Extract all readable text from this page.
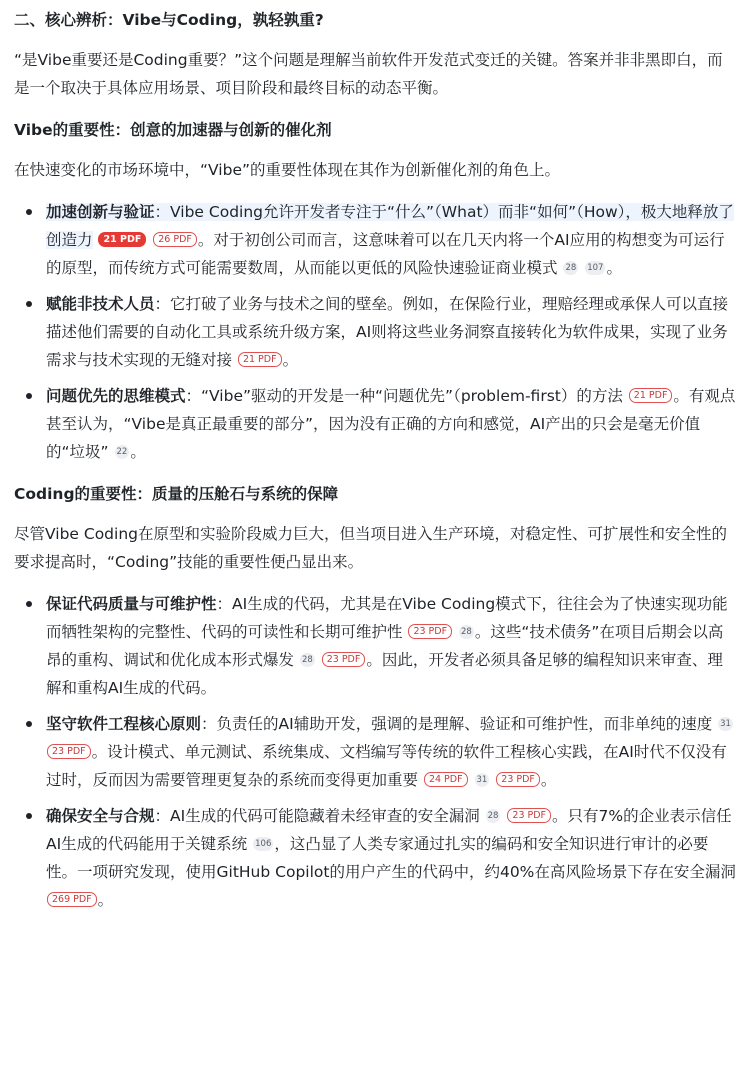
二、核心辨析：Vibe与Coding，孰轻孰重?

“是Vibe重要还是Coding重要？”这个问题是理解当前软件开发范式变迁的关键。答案并非非黑即白，而是一个取决于具体应用场景、项目阶段和最终目标的动态平衡。

Vibe的重要性：创意的加速器与创新的催化剂

在快速变化的市场环境中，“Vibe”的重要性体现在其作为创新催化剂的角色上。

加速创新与验证：Vibe Coding允许开发者专注于“什么”（What）而非“如何”（How），极大地释放了创造力 21 PDF 26 PDF 。对于初创公司而言，这意味着可以在几天内将一个AI应用的构想变为可运行的原型，而传统方式可能需要数周，从而能以更低的风险快速验证商业模式 28 107 。
赋能非技术人员：它打破了业务与技术之间的壁垒。例如，在保险行业，理赔经理或承保人可以直接描述他们需要的自动化工具或系统升级方案，AI则将这些业务洞察直接转化为软件成果，实现了业务需求与技术实现的无缝对接 21 PDF 。
问题优先的思维模式：“Vibe”驱动的开发是一种“问题优先”（problem-first）的方法 21 PDF 。有观点甚至认为，“Vibe是真正最重要的部分”，因为没有正确的方向和感觉，AI产出的只会是毫无价值的“垃圾” 22 。
Coding的重要性：质量的压舱石与系统的保障

尽管Vibe Coding在原型和实验阶段威力巨大，但当项目进入生产环境，对稳定性、可扩展性和安全性的要求提高时，“Coding”技能的重要性便凸显出来。

保证代码质量与可维护性：AI生成的代码，尤其是在Vibe Coding模式下，往往会为了快速实现功能而牺牲架构的完整性、代码的可读性和长期可维护性 23 PDF 28 。这些“技术债务”在项目后期会以高昂的重构、调试和优化成本形式爆发 28 23 PDF 。因此，开发者必须具备足够的编程知识来审查、理解和重构AI生成的代码。
坚守软件工程核心原则：负责任的AI辅助开发，强调的是理解、验证和可维护性，而非单纯的速度 31 23 PDF 。设计模式、单元测试、系统集成、文档编写等传统的软件工程核心实践，在AI时代不仅没有过时，反而因为需要管理更复杂的系统而变得更加重要 24 PDF 31 23 PDF 。
确保安全与合规：AI生成的代码可能隐藏着未经审查的安全漏洞 28 23 PDF 。只有7%的企业表示信任AI生成的代码能用于关键系统 106 ，这凸显了人类专家通过扎实的编码和安全知识进行审计的必要性。一项研究发现，使用GitHub Copilot的用户产生的代码中，约40%在高风险场景下存在安全漏洞 269 PDF 。
